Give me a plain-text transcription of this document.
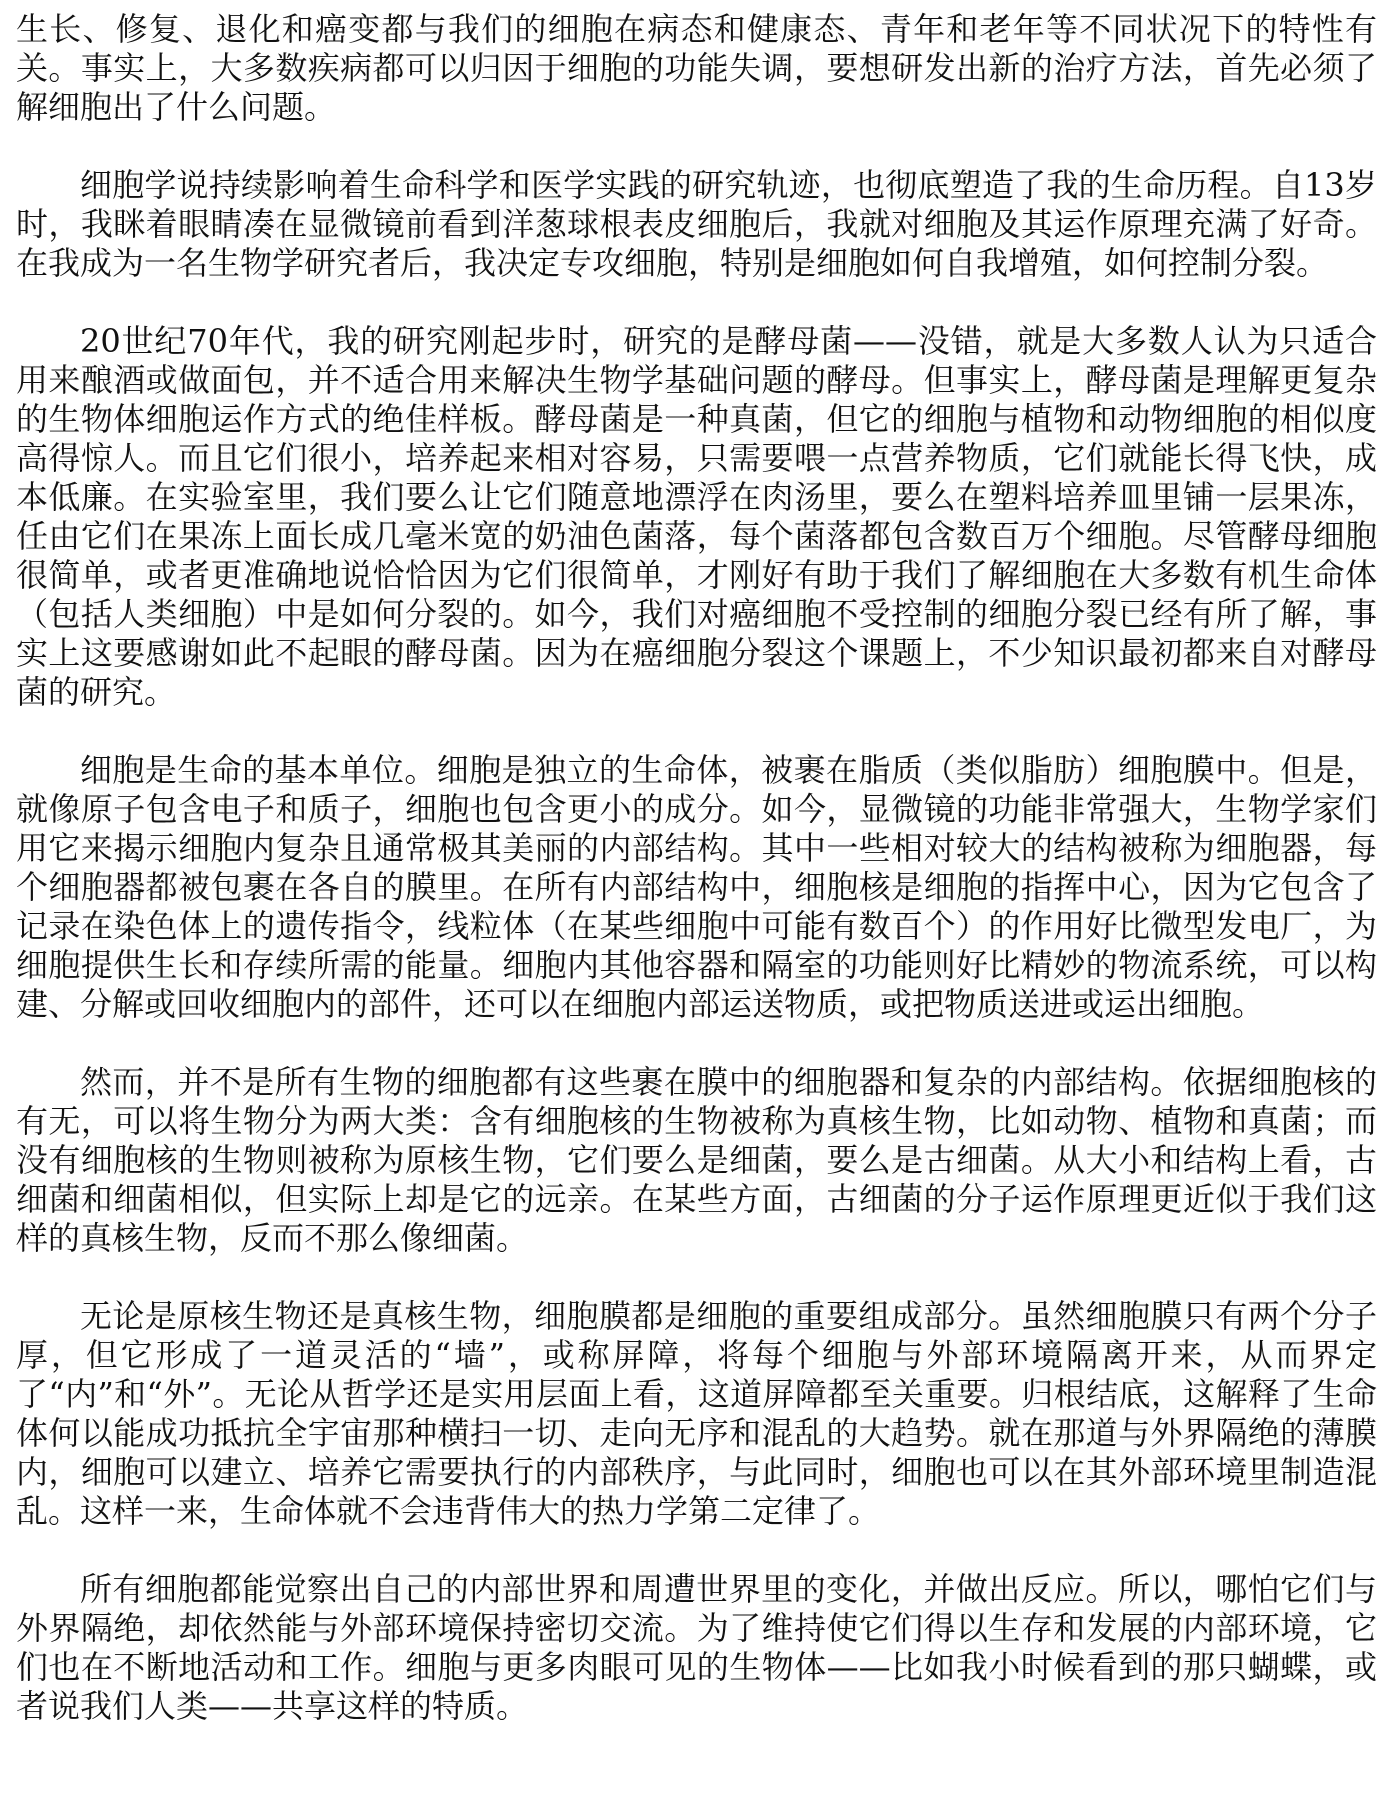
生长、修复、退化和癌变都与我们的细胞在病态和健康态、青年和老年等不同状况下的特性有关。事实上，大多数疾病都可以归因于细胞的功能失调，要想研发出新的治疗方法，首先必须了解细胞出了什么问题。

细胞学说持续影响着生命科学和医学实践的研究轨迹，也彻底塑造了我的生命历程。自13岁时，我眯着眼睛凑在显微镜前看到洋葱球根表皮细胞后，我就对细胞及其运作原理充满了好奇。在我成为一名生物学研究者后，我决定专攻细胞，特别是细胞如何自我增殖，如何控制分裂。

20世纪70年代，我的研究刚起步时，研究的是酵母菌——没错，就是大多数人认为只适合用来酿酒或做面包，并不适合用来解决生物学基础问题的酵母。但事实上，酵母菌是理解更复杂的生物体细胞运作方式的绝佳样板。酵母菌是一种真菌，但它的细胞与植物和动物细胞的相似度高得惊人。而且它们很小，培养起来相对容易，只需要喂一点营养物质，它们就能长得飞快，成本低廉。在实验室里，我们要么让它们随意地漂浮在肉汤里，要么在塑料培养皿里铺一层果冻，任由它们在果冻上面长成几毫米宽的奶油色菌落，每个菌落都包含数百万个细胞。尽管酵母细胞很简单，或者更准确地说恰恰因为它们很简单，才刚好有助于我们了解细胞在大多数有机生命体（包括人类细胞）中是如何分裂的。如今，我们对癌细胞不受控制的细胞分裂已经有所了解，事实上这要感谢如此不起眼的酵母菌。因为在癌细胞分裂这个课题上，不少知识最初都来自对酵母菌的研究。

细胞是生命的基本单位。细胞是独立的生命体，被裹在脂质（类似脂肪）细胞膜中。但是，就像原子包含电子和质子，细胞也包含更小的成分。如今，显微镜的功能非常强大，生物学家们用它来揭示细胞内复杂且通常极其美丽的内部结构。其中一些相对较大的结构被称为细胞器，每个细胞器都被包裹在各自的膜里。在所有内部结构中，细胞核是细胞的指挥中心，因为它包含了记录在染色体上的遗传指令，线粒体（在某些细胞中可能有数百个）的作用好比微型发电厂，为细胞提供生长和存续所需的能量。细胞内其他容器和隔室的功能则好比精妙的物流系统，可以构建、分解或回收细胞内的部件，还可以在细胞内部运送物质，或把物质送进或运出细胞。

然而，并不是所有生物的细胞都有这些裹在膜中的细胞器和复杂的内部结构。依据细胞核的有无，可以将生物分为两大类：含有细胞核的生物被称为真核生物，比如动物、植物和真菌；而没有细胞核的生物则被称为原核生物，它们要么是细菌，要么是古细菌。从大小和结构上看，古细菌和细菌相似，但实际上却是它的远亲。在某些方面，古细菌的分子运作原理更近似于我们这样的真核生物，反而不那么像细菌。

无论是原核生物还是真核生物，细胞膜都是细胞的重要组成部分。虽然细胞膜只有两个分子厚，但它形成了一道灵活的“墙”，或称屏障，将每个细胞与外部环境隔离开来，从而界定了“内”和“外”。无论从哲学还是实用层面上看，这道屏障都至关重要。归根结底，这解释了生命体何以能成功抵抗全宇宙那种横扫一切、走向无序和混乱的大趋势。就在那道与外界隔绝的薄膜内，细胞可以建立、培养它需要执行的内部秩序，与此同时，细胞也可以在其外部环境里制造混乱。这样一来，生命体就不会违背伟大的热力学第二定律了。

所有细胞都能觉察出自己的内部世界和周遭世界里的变化，并做出反应。所以，哪怕它们与外界隔绝，却依然能与外部环境保持密切交流。为了维持使它们得以生存和发展的内部环境，它们也在不断地活动和工作。细胞与更多肉眼可见的生物体——比如我小时候看到的那只蝴蝶，或者说我们人类——共享这样的特质。
